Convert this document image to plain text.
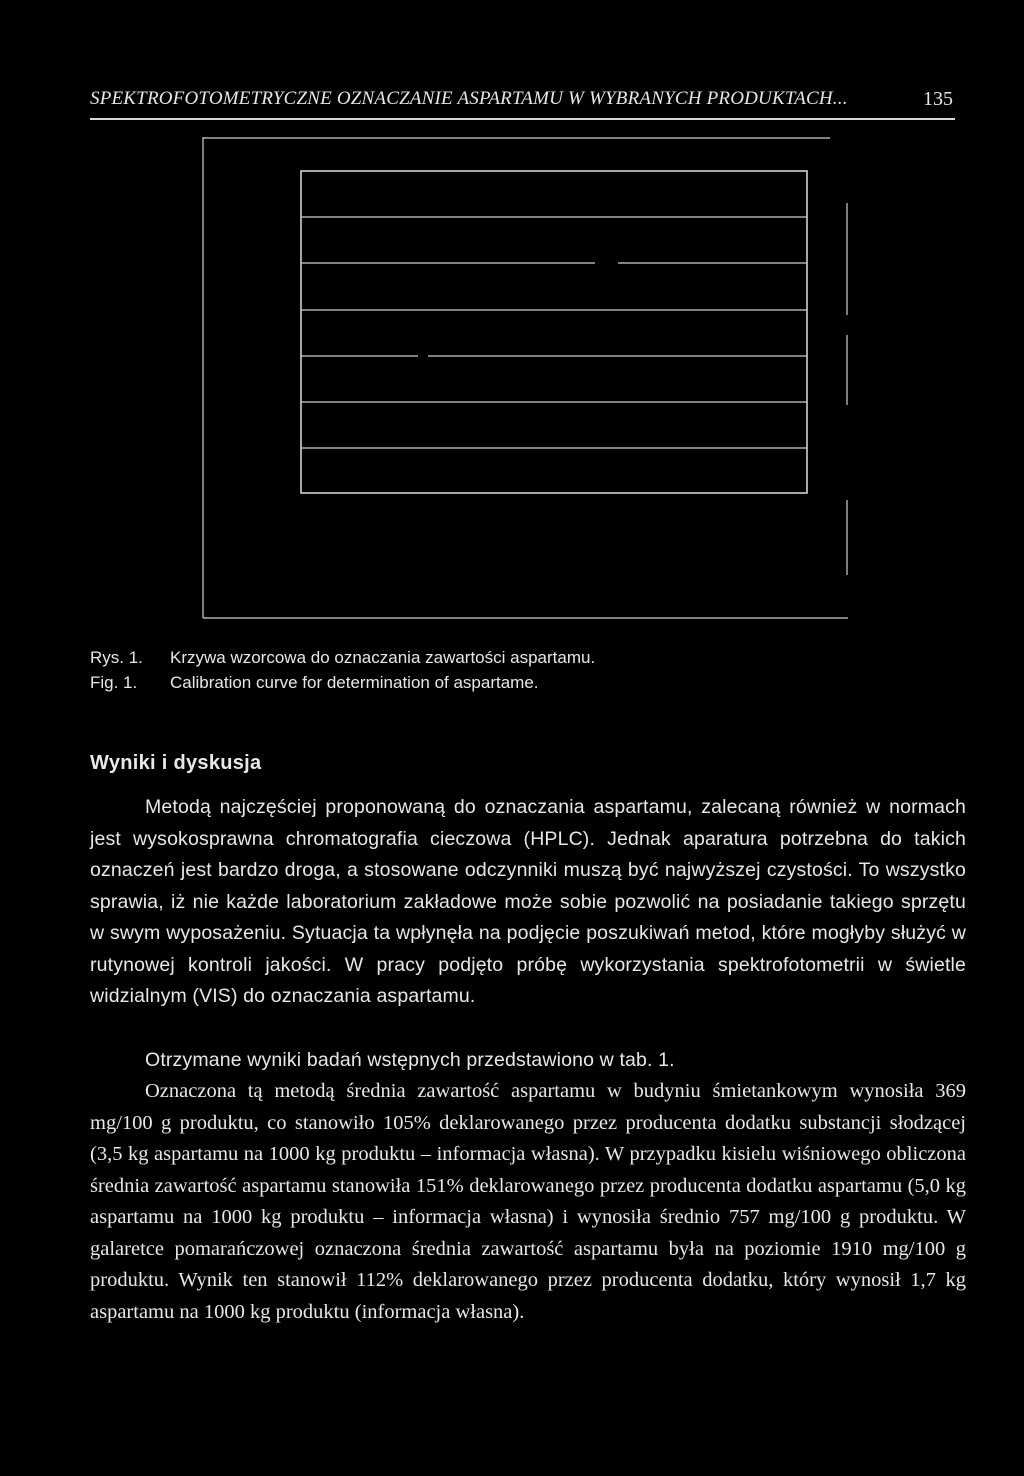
SPEKTROFOTOMETRYCZNE OZNACZANIE ASPARTAMU W WYBRANYCH PRODUKTACH...	135
Rys. 1. Krzywa wzorcowa do oznaczania zawartości aspartamu.
Fig. 1. Calibration curve for determination of aspartame.
Wyniki i dyskusja

Metodą najczęściej proponowaną do oznaczania aspartamu, zalecaną również w normach jest wysokosprawna chromatografia cieczowa (HPLC). Jednak aparatura potrzebna do takich oznaczeń jest bardzo droga, a stosowane odczynniki muszą być najwyższej czystości. To wszystko sprawia, iż nie każde laboratorium zakładowe może sobie pozwolić na posiadanie takiego sprzętu w swym wyposażeniu. Sytuacja ta wpłynęła na podjęcie poszukiwań metod, które mogłyby służyć w rutynowej kontroli jakości. W pracy podjęto próbę wykorzystania spektrofotometrii w świetle widzialnym (VIS) do oznaczania aspartamu.

Otrzymane wyniki badań wstępnych przedstawiono w tab. 1.

Oznaczona tą metodą średnia zawartość aspartamu w budyniu śmietankowym wynosiła 369 mg/100 g produktu, co stanowiło 105% deklarowanego przez producenta dodatku substancji słodzącej (3,5 kg aspartamu na 1000 kg produktu – informacja własna). W przypadku kisielu wiśniowego obliczona średnia zawartość aspartamu stanowiła 151% deklarowanego przez producenta dodatku aspartamu (5,0 kg aspartamu na 1000 kg produktu – informacja własna) i wynosiła średnio 757 mg/100 g produktu. W galaretce pomarańczowej oznaczona średnia zawartość aspartamu była na poziomie 1910 mg/100 g produktu. Wynik ten stanowił 112% deklarowanego przez producenta dodatku, który wynosił 1,7 kg aspartamu na 1000 kg produktu (informacja własna).
